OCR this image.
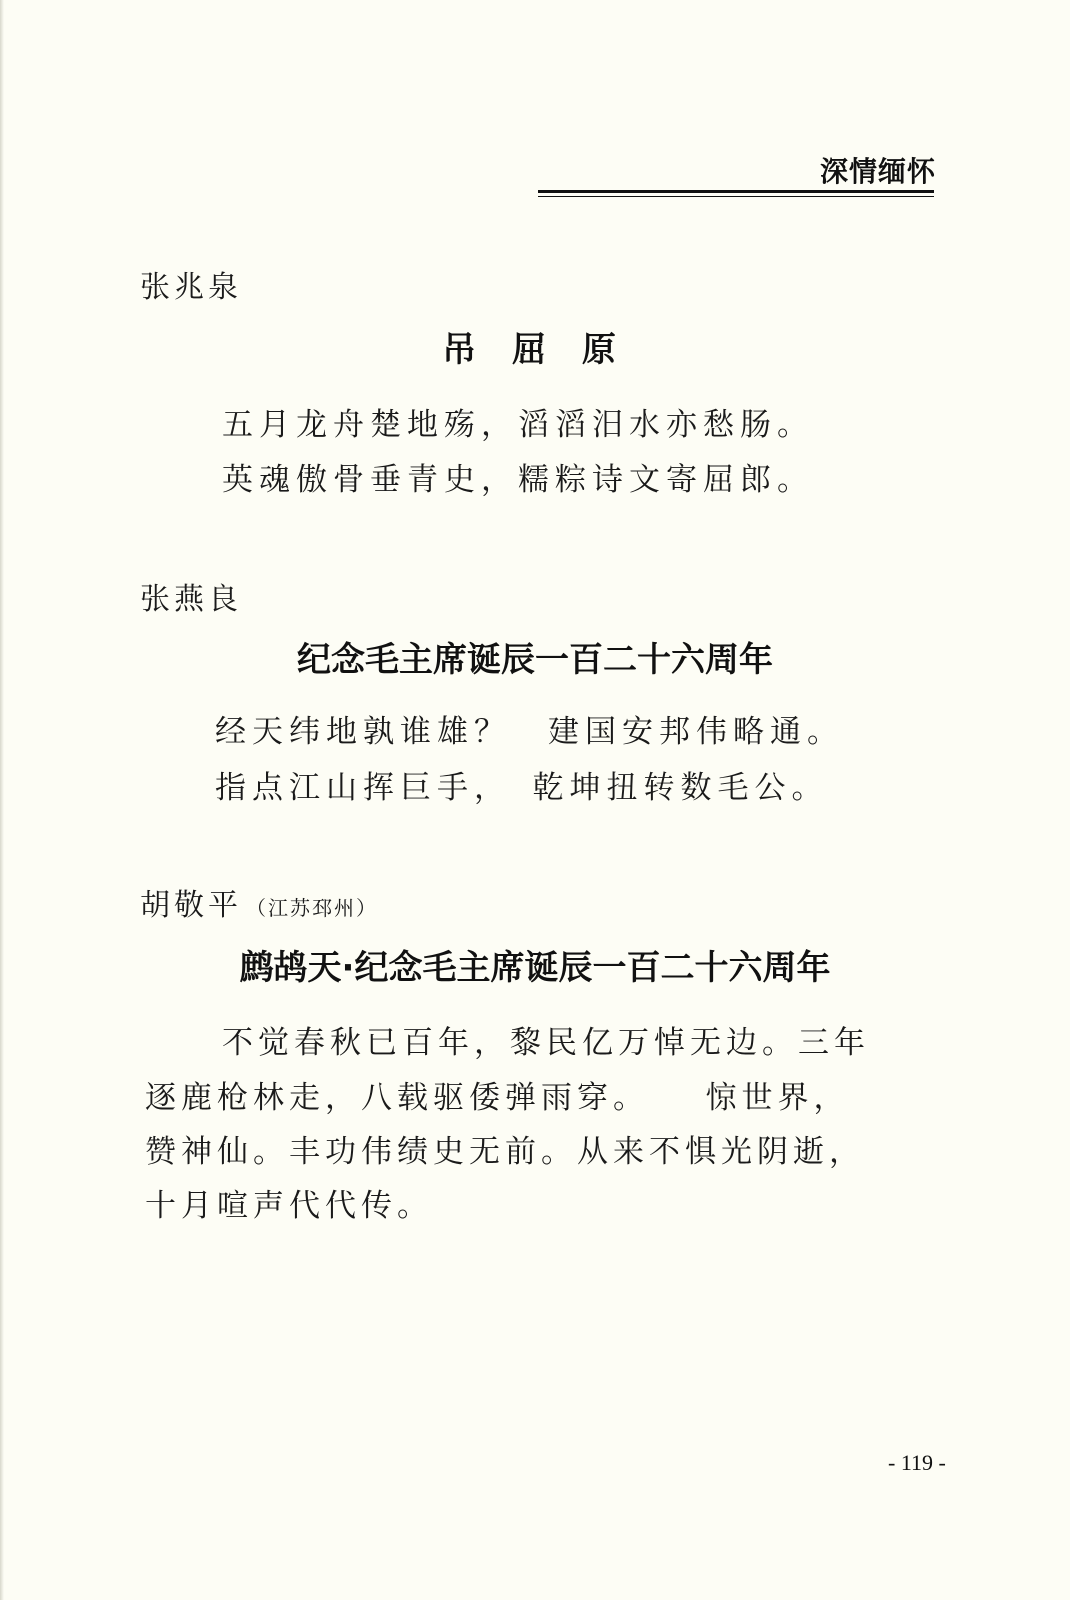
深情缅怀
张兆泉
吊 屈 原
五月龙舟楚地殇，滔滔汨水亦愁肠。
英魂傲骨垂青史，糯粽诗文寄屈郎。
张燕良
纪念毛主席诞辰一百二十六周年
经天纬地孰谁雄？　建国安邦伟略通。
指点江山挥巨手，　乾坤扭转数毛公。
胡敬平 （江苏邳州）
鹧鸪天·纪念毛主席诞辰一百二十六周年
不觉春秋已百年，黎民亿万悼无边。三年
逐鹿枪林走，八载驱倭弹雨穿。　　惊世界，
赞神仙。丰功伟绩史无前。从来不惧光阴逝，
十月喧声代代传。
- 119 -
